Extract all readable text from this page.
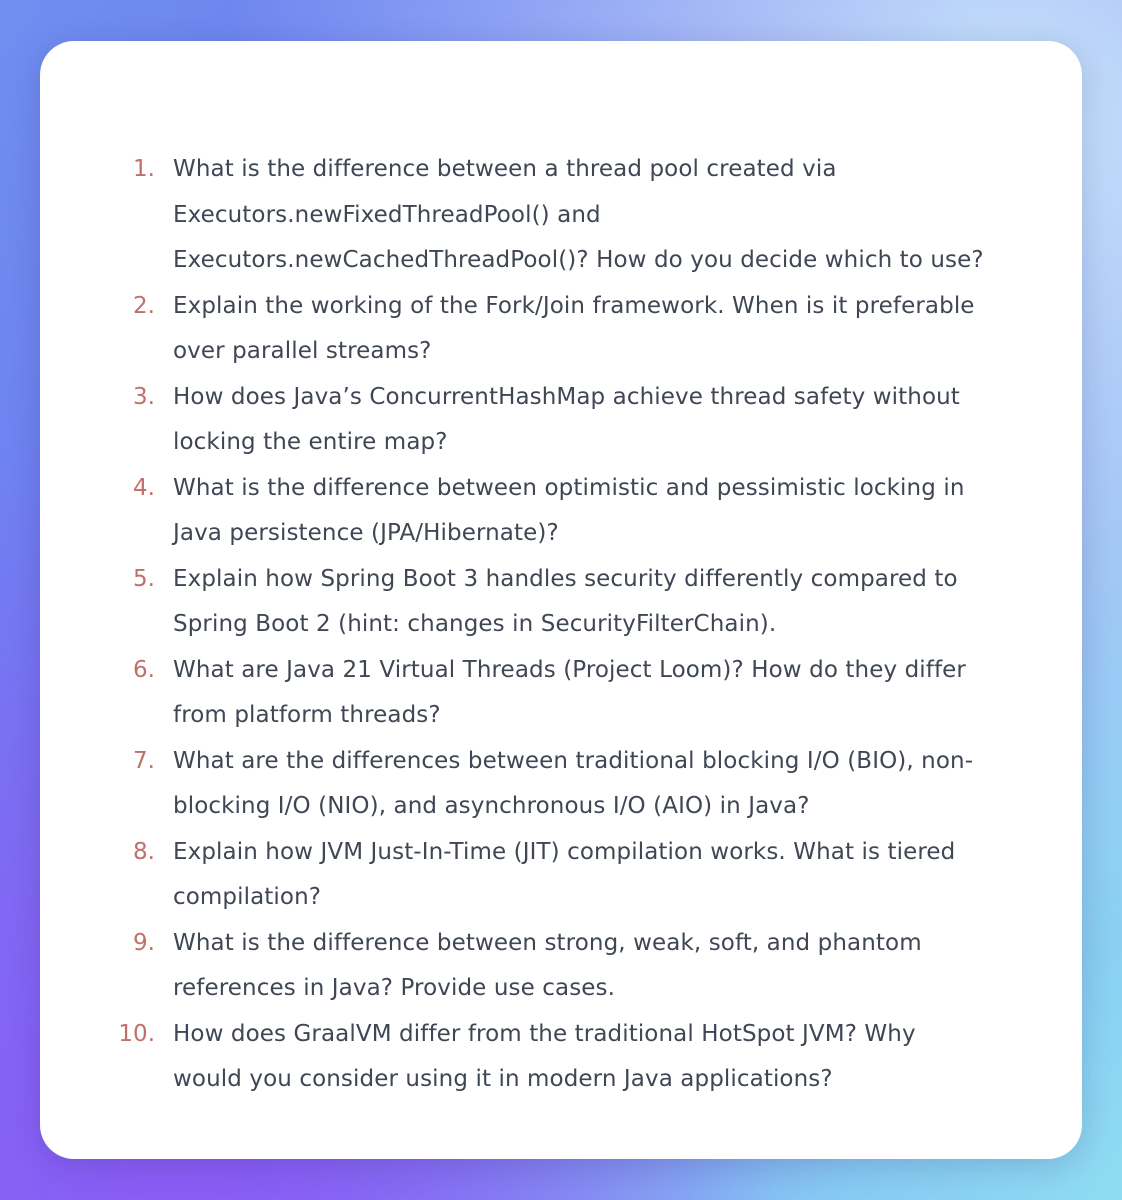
1. What is the difference between a thread pool created via
Executors.newFixedThreadPool() and
Executors.newCachedThreadPool()? How do you decide which to use?
2. Explain the working of the Fork/Join framework. When is it preferable
over parallel streams?
3. How does Java’s ConcurrentHashMap achieve thread safety without
locking the entire map?
4. What is the difference between optimistic and pessimistic locking in
Java persistence (JPA/Hibernate)?
5. Explain how Spring Boot 3 handles security differently compared to
Spring Boot 2 (hint: changes in SecurityFilterChain).
6. What are Java 21 Virtual Threads (Project Loom)? How do they differ
from platform threads?
7. What are the differences between traditional blocking I/O (BIO), non-
blocking I/O (NIO), and asynchronous I/O (AIO) in Java?
8. Explain how JVM Just-In-Time (JIT) compilation works. What is tiered
compilation?
9. What is the difference between strong, weak, soft, and phantom
references in Java? Provide use cases.
10. How does GraalVM differ from the traditional HotSpot JVM? Why
would you consider using it in modern Java applications?
